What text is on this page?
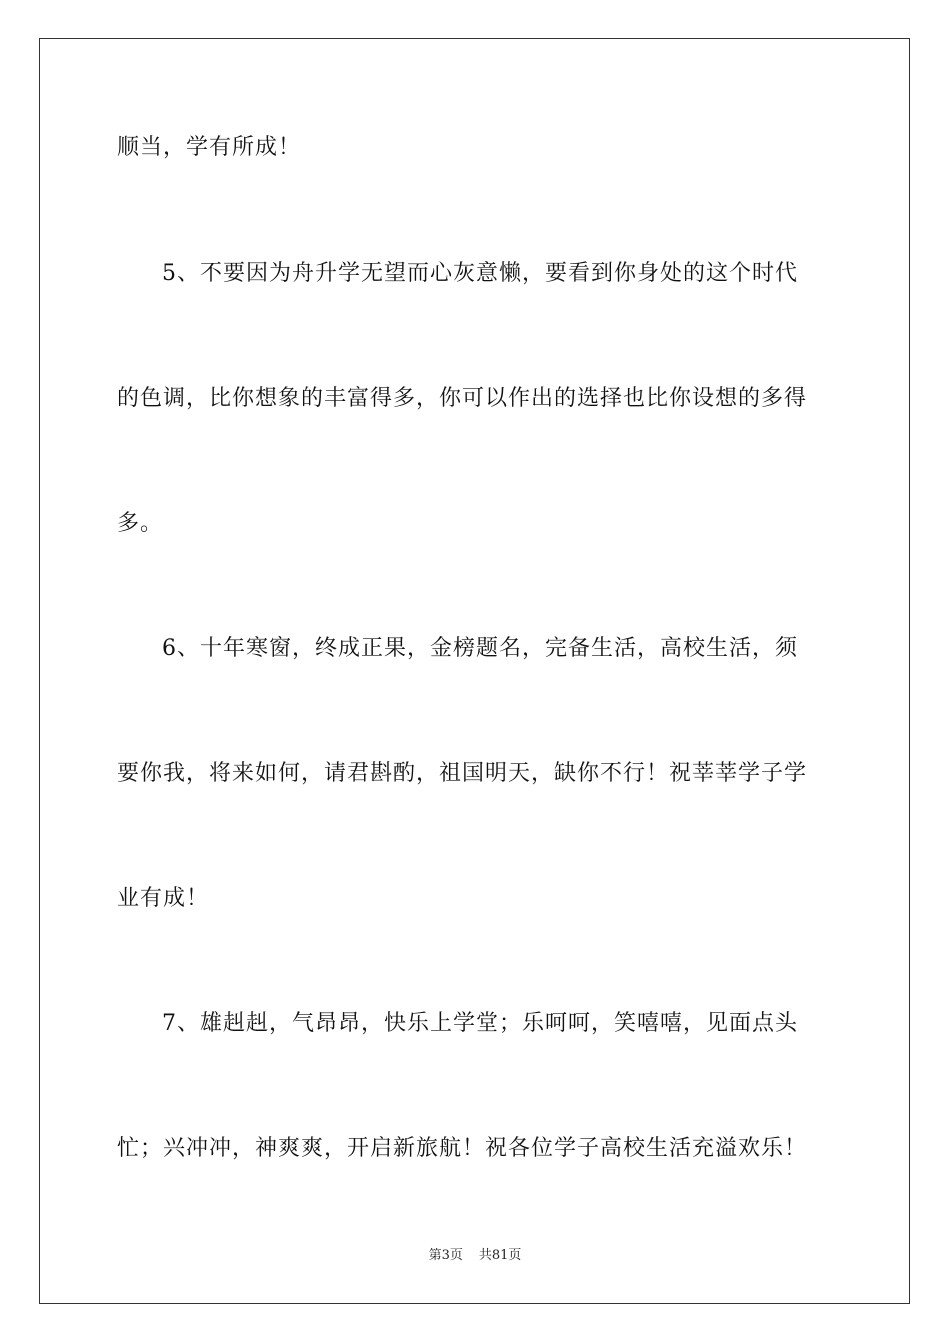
顺当，学有所成！
5、不要因为舟升学无望而心灰意懒，要看到你身处的这个时代
的色调，比你想象的丰富得多，你可以作出的选择也比你设想的多得
多。
6、十年寒窗，终成正果，金榜题名，完备生活，高校生活，须
要你我，将来如何，请君斟酌，祖国明天，缺你不行！祝莘莘学子学
业有成！
7、雄赳赳，气昂昂，快乐上学堂；乐呵呵，笑嘻嘻，见面点头
忙；兴冲冲，神爽爽，开启新旅航！祝各位学子高校生活充溢欢乐！
第3页 共81页
